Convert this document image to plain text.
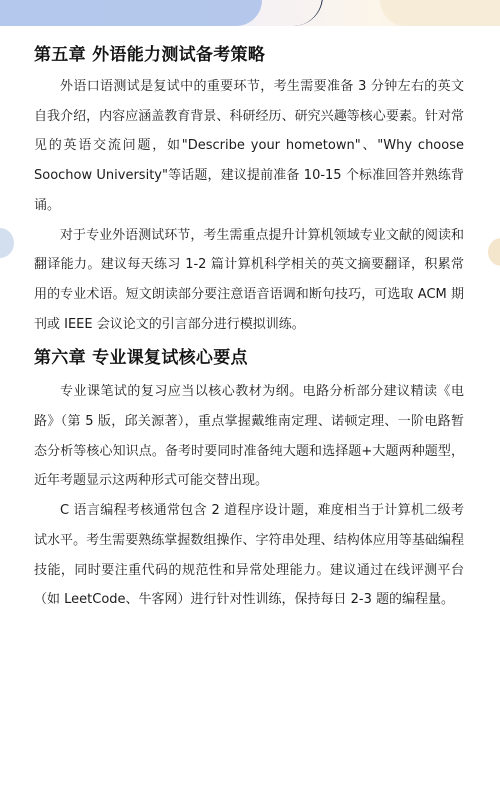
第五章 外语能力测试备考策略

外语口语测试是复试中的重要环节，考生需要准备 3 分钟左右的英文自我介绍，内容应涵盖教育背景、科研经历、研究兴趣等核心要素。针对常见的英语交流问题，如"Describe your hometown"、"Why choose Soochow University"等话题，建议提前准备 10-15 个标准回答并熟练背诵。

对于专业外语测试环节，考生需重点提升计算机领域专业文献的阅读和翻译能力。建议每天练习 1-2 篇计算机科学相关的英文摘要翻译，积累常用的专业术语。短文朗读部分要注意语音语调和断句技巧，可选取 ACM 期刊或 IEEE 会议论文的引言部分进行模拟训练。

第六章 专业课复试核心要点

专业课笔试的复习应当以核心教材为纲。电路分析部分建议精读《电路》（第 5 版，邱关源著），重点掌握戴维南定理、诺顿定理、一阶电路暂态分析等核心知识点。备考时要同时准备纯大题和选择题+大题两种题型，近年考题显示这两种形式可能交替出现。

C 语言编程考核通常包含 2 道程序设计题，难度相当于计算机二级考试水平。考生需要熟练掌握数组操作、字符串处理、结构体应用等基础编程技能，同时要注重代码的规范性和异常处理能力。建议通过在线评测平台（如 LeetCode、牛客网）进行针对性训练，保持每日 2-3 题的编程量。
